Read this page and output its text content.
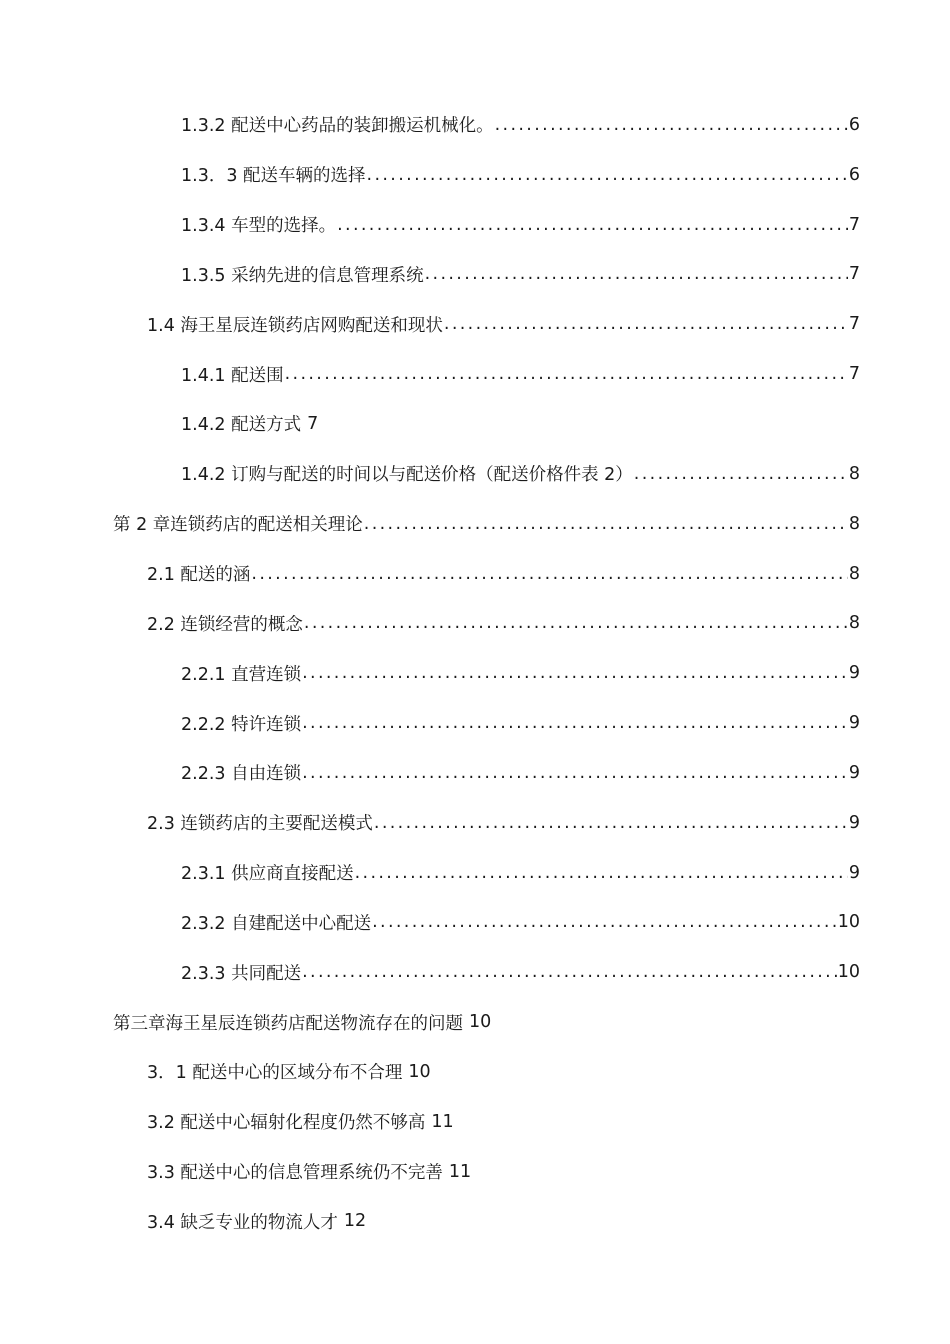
1.3.2 配送中心药品的装卸搬运机械化。 . . .	6
1.3．3 配送车辆的选择 . . .	6
1.3.4 车型的选择。 . . .	7
1.3.5 采纳先进的信息管理系统 . . .	7
1.4 海王星辰连锁药店网购配送和现状 . . .	7
1.4.1 配送围 . . .	7
1.4.2 配送方式 7
1.4.2 订购与配送的时间以与配送价格（配送价格件表 2） . . .	8
第 2 章连锁药店的配送相关理论 . . .	8
2.1 配送的涵 . . .	8
2.2 连锁经营的概念 . . .	8
2.2.1 直营连锁 . . .	9
2.2.2 特许连锁 . . .	9
2.2.3 自由连锁 . . .	9
2.3 连锁药店的主要配送模式 . . .	9
2.3.1 供应商直接配送 . . .	9
2.3.2 自建配送中心配送 . . .	10
2.3.3 共同配送 . . .	10
第三章海王星辰连锁药店配送物流存在的问题 10
3．1 配送中心的区域分布不合理 10
3.2 配送中心辐射化程度仍然不够高 11
3.3 配送中心的信息管理系统仍不完善 11
3.4 缺乏专业的物流人才 12
